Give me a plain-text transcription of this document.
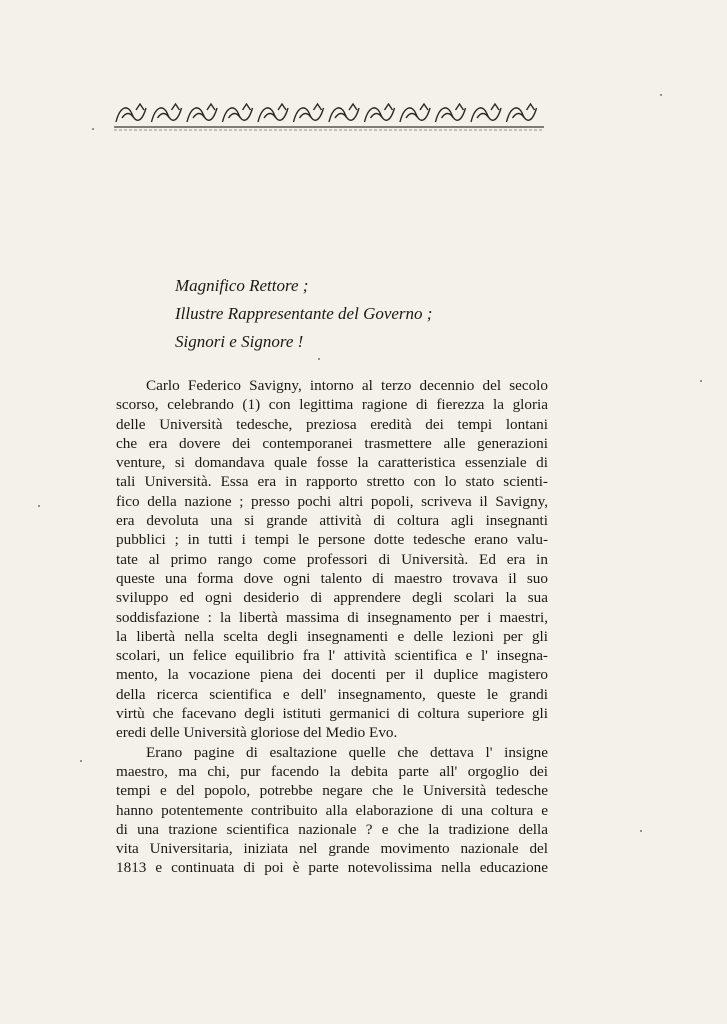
Magnifico Rettore ;
Illustre Rappresentante del Governo ;
Signori e Signore !
Carlo Federico Savigny, intorno al terzo decennio del secolo
scorso, celebrando (1) con legittima ragione di fierezza la gloria
delle Università tedesche, preziosa eredità dei tempi lontani
che era dovere dei contemporanei trasmettere alle generazioni
venture, si domandava quale fosse la caratteristica essenziale di
tali Università. Essa era in rapporto stretto con lo stato scienti-
fico della nazione ; presso pochi altri popoli, scriveva il Savigny,
era devoluta una si grande attività di coltura agli insegnanti
pubblici ; in tutti i tempi le persone dotte tedesche erano valu-
tate al primo rango come professori di Università. Ed era in
queste una forma dove ogni talento di maestro trovava il suo
sviluppo ed ogni desiderio di apprendere degli scolari la sua
soddisfazione : la libertà massima di insegnamento per i maestri,
la libertà nella scelta degli insegnamenti e delle lezioni per gli
scolari, un felice equilibrio fra l' attività scientifica e l' insegna-
mento, la vocazione piena dei docenti per il duplice magistero
della ricerca scientifica e dell' insegnamento, queste le grandi
virtù che facevano degli istituti germanici di coltura superiore gli
eredi delle Università gloriose del Medio Evo.
Erano pagine di esaltazione quelle che dettava l' insigne
maestro, ma chi, pur facendo la debita parte all' orgoglio dei
tempi e del popolo, potrebbe negare che le Università tedesche
hanno potentemente contribuito alla elaborazione di una coltura e
di una trazione scientifica nazionale ? e che la tradizione della
vita Universitaria, iniziata nel grande movimento nazionale del
1813 e continuata di poi è parte notevolissima nella educazione
